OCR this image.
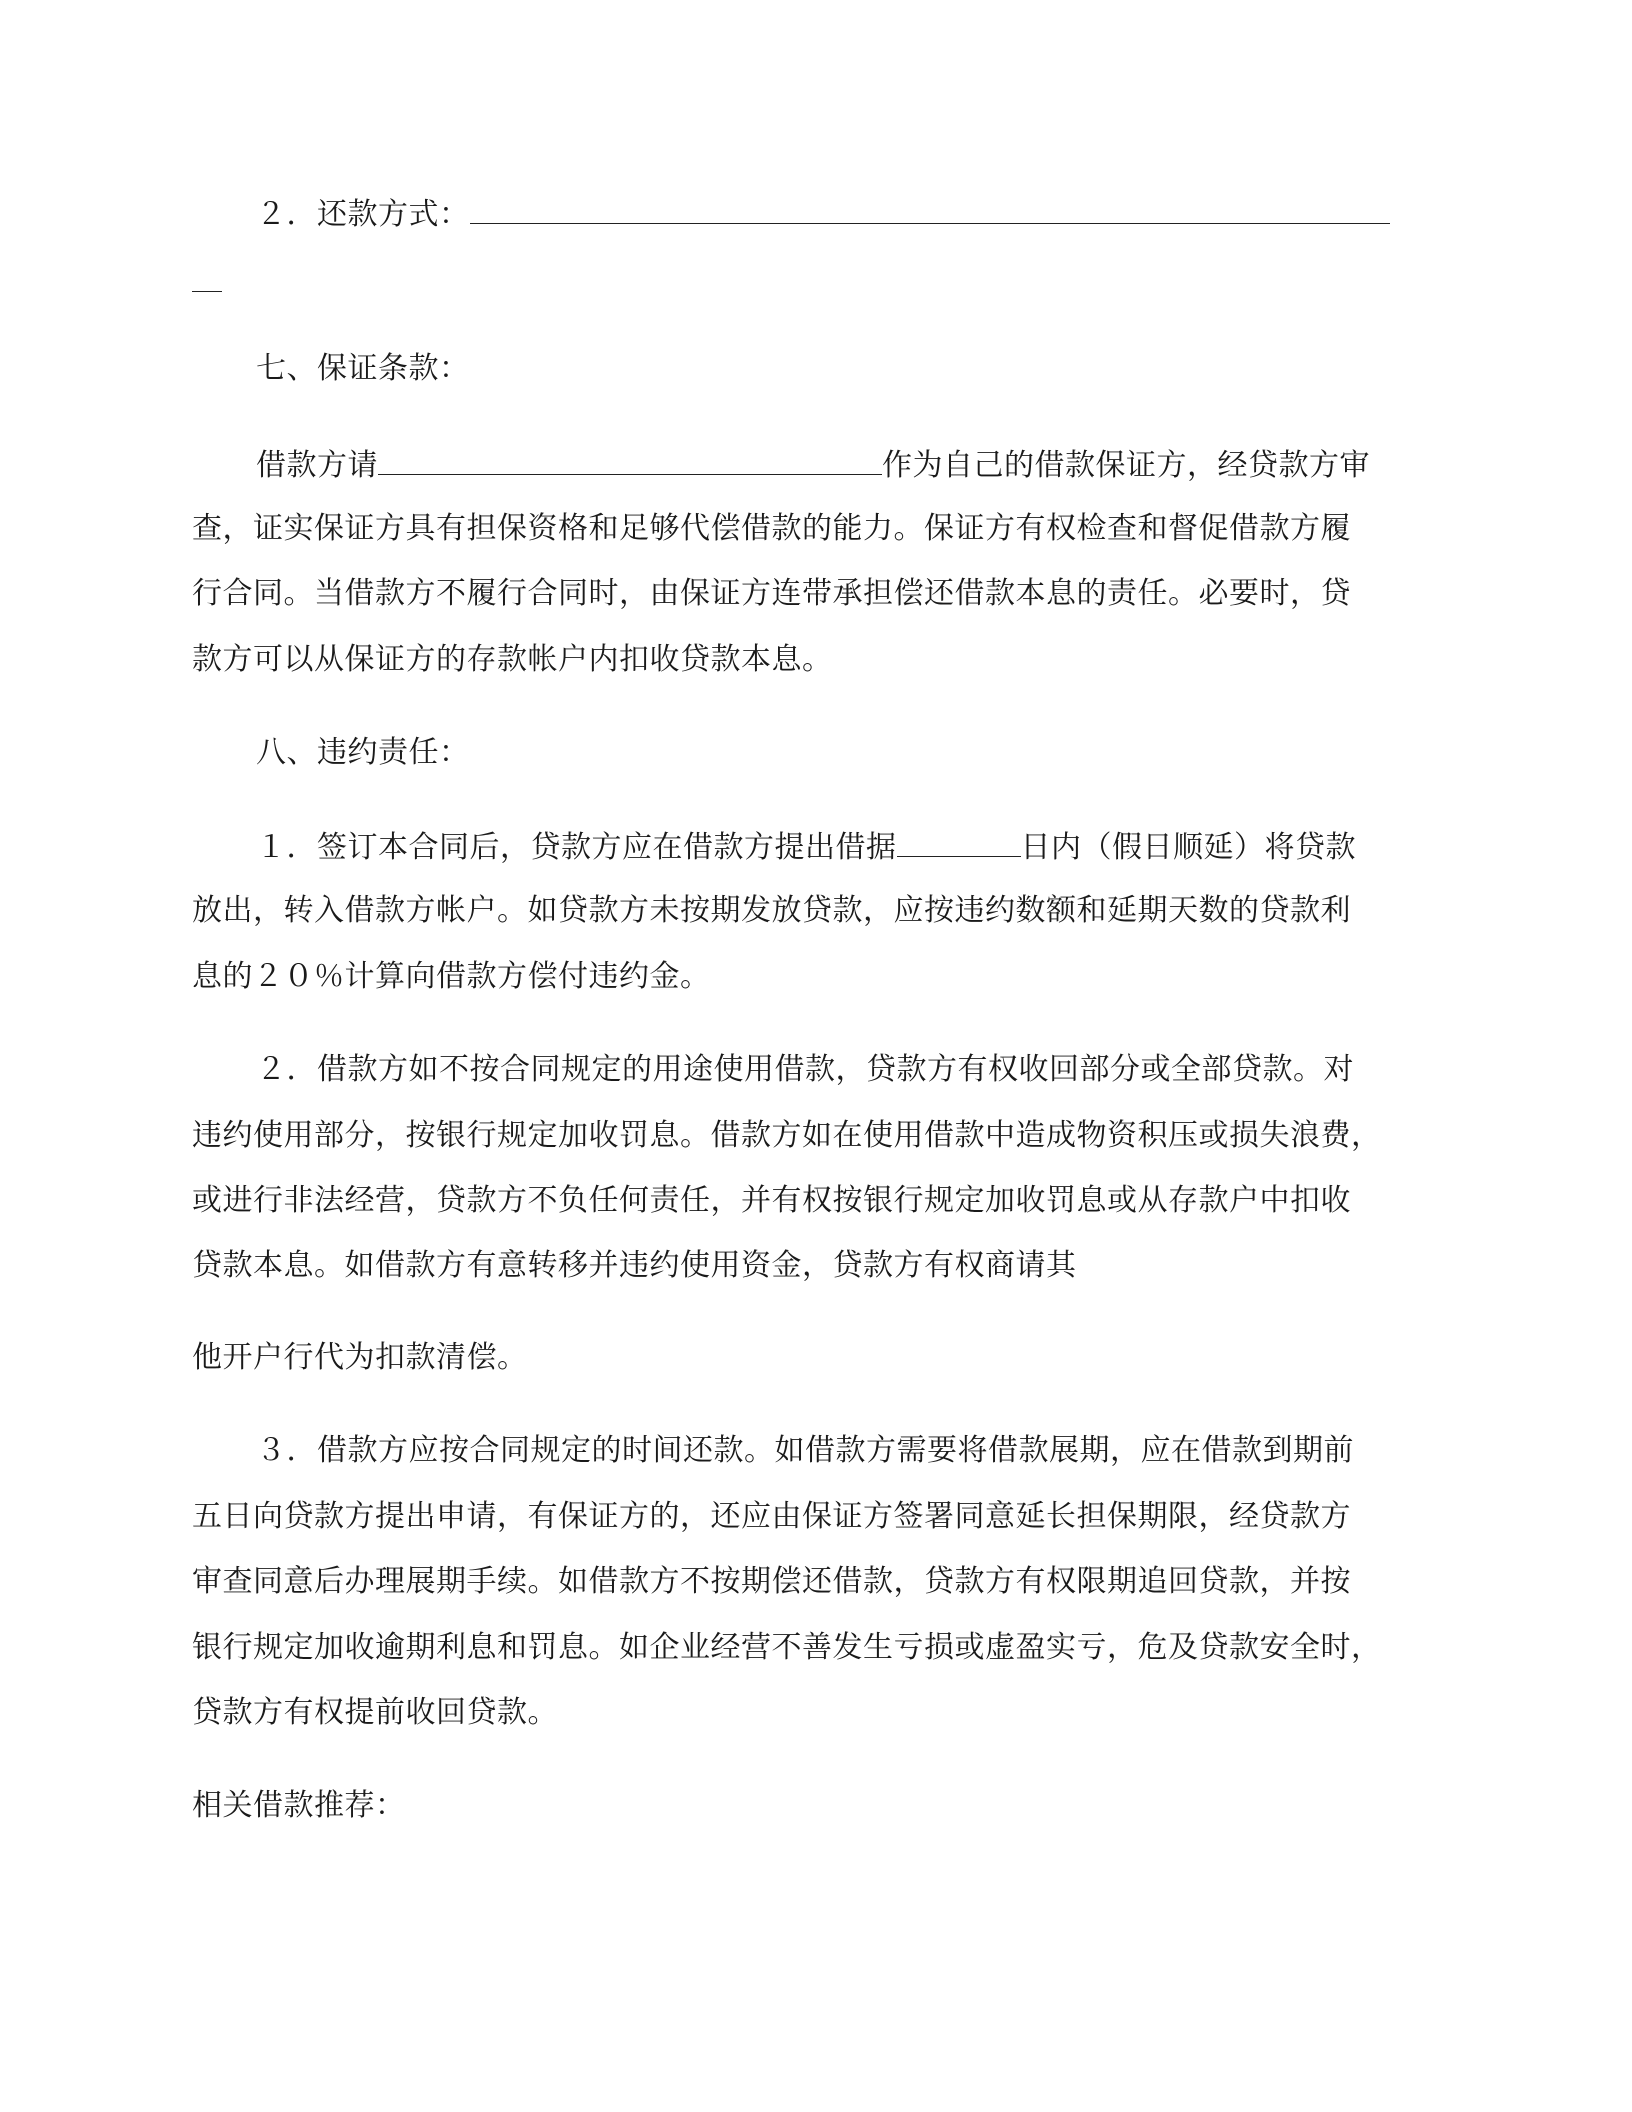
２．还款方式：
七、保证条款：
借款方请	作为自己的借款保证方，经贷款方审
查，证实保证方具有担保资格和足够代偿借款的能力。保证方有权检查和督促借款方履
行合同。当借款方不履行合同时，由保证方连带承担偿还借款本息的责任。必要时，贷
款方可以从保证方的存款帐户内扣收贷款本息。
八、违约责任：
１．签订本合同后，贷款方应在借款方提出借据	日内（假日顺延）将贷款
放出，转入借款方帐户。如贷款方未按期发放贷款，应按违约数额和延期天数的贷款利
息的２０％计算向借款方偿付违约金。
２．借款方如不按合同规定的用途使用借款，贷款方有权收回部分或全部贷款。对
违约使用部分，按银行规定加收罚息。借款方如在使用借款中造成物资积压或损失浪费，
或进行非法经营，贷款方不负任何责任，并有权按银行规定加收罚息或从存款户中扣收
贷款本息。如借款方有意转移并违约使用资金，贷款方有权商请其
他开户行代为扣款清偿。
３．借款方应按合同规定的时间还款。如借款方需要将借款展期，应在借款到期前
五日向贷款方提出申请，有保证方的，还应由保证方签署同意延长担保期限，经贷款方
审查同意后办理展期手续。如借款方不按期偿还借款，贷款方有权限期追回贷款，并按
银行规定加收逾期利息和罚息。如企业经营不善发生亏损或虚盈实亏，危及贷款安全时，
贷款方有权提前收回贷款。
相关借款推荐：
